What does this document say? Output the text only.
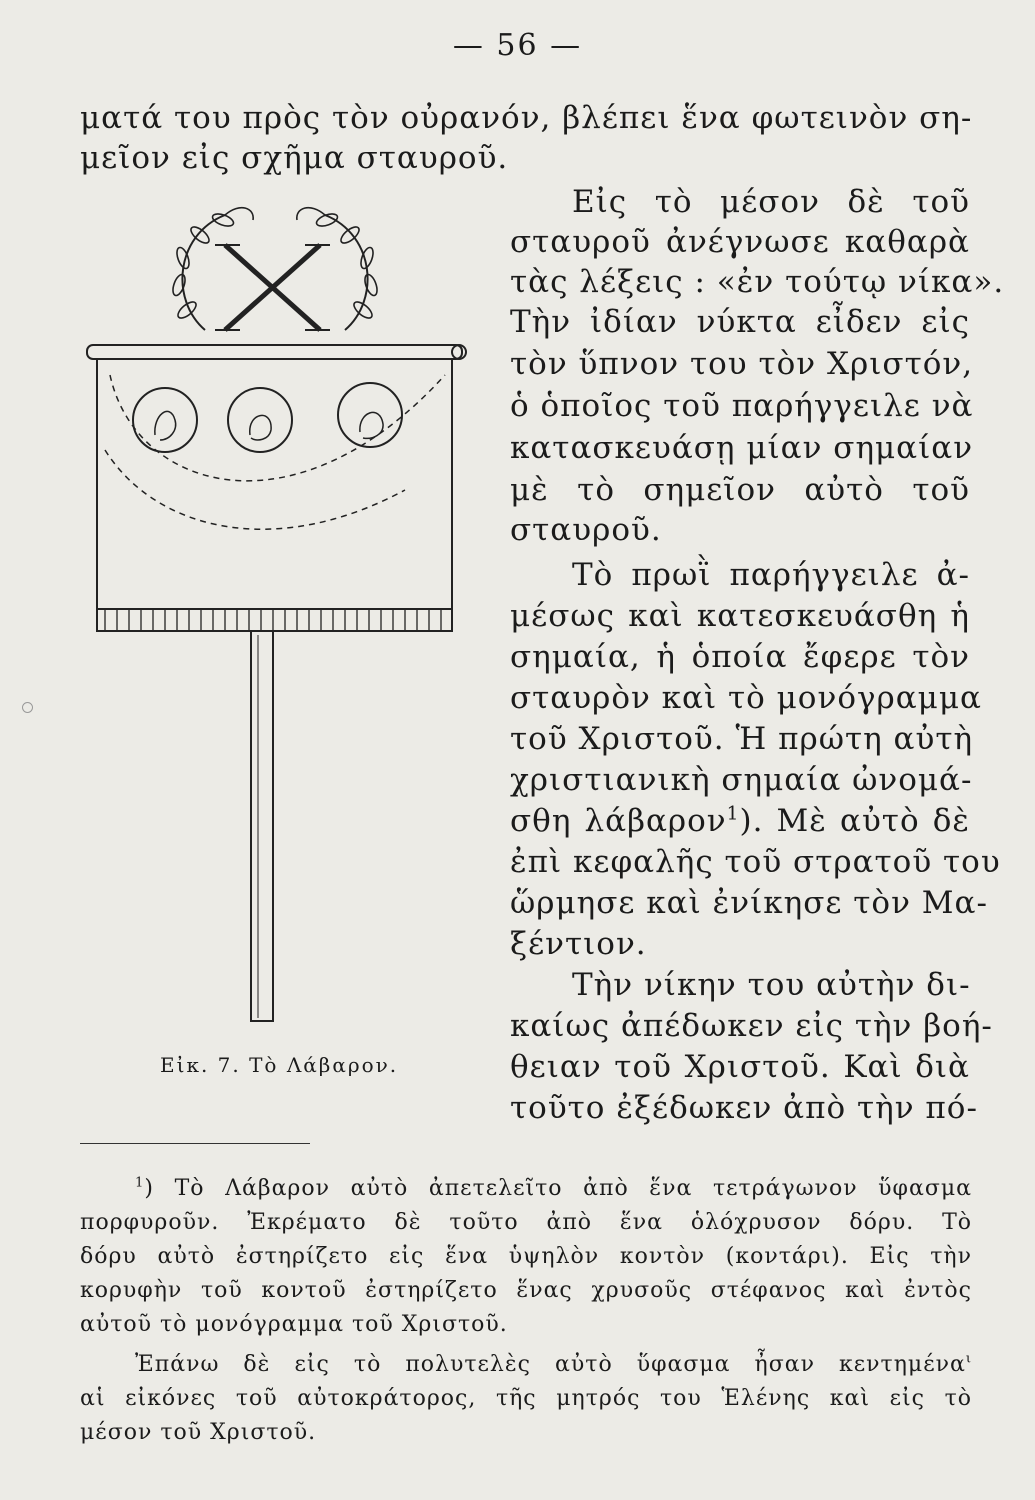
— 56 —
ματά του πρὸς τὸν οὐρανόν, βλέπει ἕνα φωτεινὸν ση-
μεῖον εἰς σχῆμα σταυροῦ.
Εἰς τὸ μέσον δὲ τοῦ
σταυροῦ ἀνέγνωσε καθαρὰ
τὰς λέξεις : «ἐν τούτῳ νίκα».
Τὴν ἰδίαν νύκτα εἶδεν εἰς
τὸν ὕπνον του τὸν Χριστόν,
ὁ ὁποῖος τοῦ παρήγγειλε νὰ
κατασκευάσῃ μίαν σημαίαν
μὲ τὸ σημεῖον αὐτὸ τοῦ
σταυροῦ.
Τὸ πρωῒ παρήγγειλε ἀ-
μέσως καὶ κατεσκευάσθη ἡ
σημαία, ἡ ὁποία ἔφερε τὸν
σταυρὸν καὶ τὸ μονόγραμμα
τοῦ Χριστοῦ. Ἡ πρώτη αὐτὴ
χριστιανικὴ σημαία ὠνομά-
σθη λάβαρον$^1$). Μὲ αὐτὸ δὲ
ἐπὶ κεφαλῆς τοῦ στρατοῦ του
ὥρμησε καὶ ἐνίκησε τὸν Μα-
ξέντιον.
Τὴν νίκην του αὐτὴν δι-
καίως ἀπέδωκεν εἰς τὴν βοή-
θειαν τοῦ Χριστοῦ. Καὶ διὰ
τοῦτο ἐξέδωκεν ἀπὸ τὴν πό-
Εἰκ. 7. Τὸ Λάβαρον.
$^1$) Τὸ Λάβαρον αὐτὸ ἀπετελεῖτο ἀπὸ ἕνα τετράγωνον ὕφασμα
πορφυροῦν. Ἐκρέματο δὲ τοῦτο ἀπὸ ἕνα ὁλόχρυσον δόρυ. Τὸ
δόρυ αὐτὸ ἐστηρίζετο εἰς ἕνα ὑψηλὸν κοντὸν (κοντάρι). Εἰς τὴν
κορυφὴν τοῦ κοντοῦ ἐστηρίζετο ἕνας χρυσοῦς στέφανος καὶ ἐντὸς
αὐτοῦ τὸ μονόγραμμα τοῦ Χριστοῦ.
Ἐπάνω δὲ εἰς τὸ πολυτελὲς αὐτὸ ὕφασμα ἦσαν κεντημένα$^\iota$
αἱ εἰκόνες τοῦ αὐτοκράτορος, τῆς μητρός του Ἑλένης καὶ εἰς τὸ
μέσον τοῦ Χριστοῦ.
